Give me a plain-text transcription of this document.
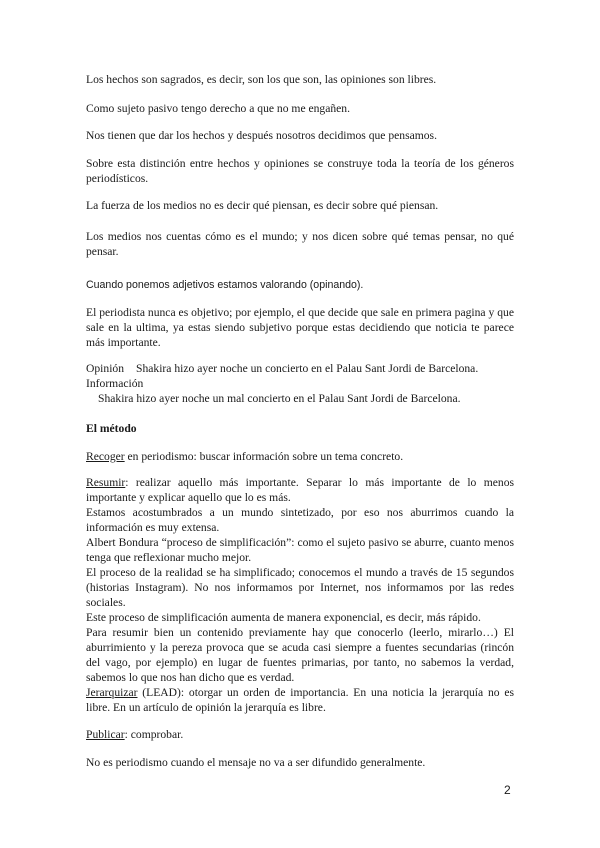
Los hechos son sagrados, es decir, son los que son, las opiniones son libres.

Como sujeto pasivo tengo derecho a que no me engañen.

Nos tienen que dar los hechos y después nosotros decidimos que pensamos.

Sobre esta distinción entre hechos y opiniones se construye toda la teoría de los géneros periodísticos.

La fuerza de los medios no es decir qué piensan, es decir sobre qué piensan.

Los medios nos cuentas cómo es el mundo; y nos dicen sobre qué temas pensar, no qué pensar.

Cuando ponemos adjetivos estamos valorando (opinando).

El periodista nunca es objetivo; por ejemplo, el que decide que sale en primera pagina y que sale en la ultima, ya estas siendo subjetivo porque estas decidiendo que noticia te parece más importante.

Opinión Shakira hizo ayer noche un concierto en el Palau Sant Jordi de Barcelona.

InformaciónShakira hizo ayer noche un mal concierto en el Palau Sant Jordi de Barcelona.

El método

Recoger en periodismo: buscar información sobre un tema concreto.

Resumir: realizar aquello más importante. Separar lo más importante de lo menos importante y explicar aquello que lo es más.
Estamos acostumbrados a un mundo sintetizado, por eso nos aburrimos cuando la información es muy extensa.
Albert Bondura “proceso de simplificación”: como el sujeto pasivo se aburre, cuanto menos tenga que reflexionar mucho mejor.
El proceso de la realidad se ha simplificado; conocemos el mundo a través de 15 segundos (historias Instagram). No nos informamos por Internet, nos informamos por las redes sociales.
Este proceso de simplificación aumenta de manera exponencial, es decir, más rápido.
Para resumir bien un contenido previamente hay que conocerlo (leerlo, mirarlo…) El aburrimiento y la pereza provoca que se acuda casi siempre a fuentes secundarias (rincón del vago, por ejemplo) en lugar de fuentes primarias, por tanto, no sabemos la verdad, sabemos lo que nos han dicho que es verdad.

Jerarquizar (LEAD): otorgar un orden de importancia. En una noticia la jerarquía no es libre. En un artículo de opinión la jerarquía es libre.

Publicar: comprobar.

No es periodismo cuando el mensaje no va a ser difundido generalmente.

2
